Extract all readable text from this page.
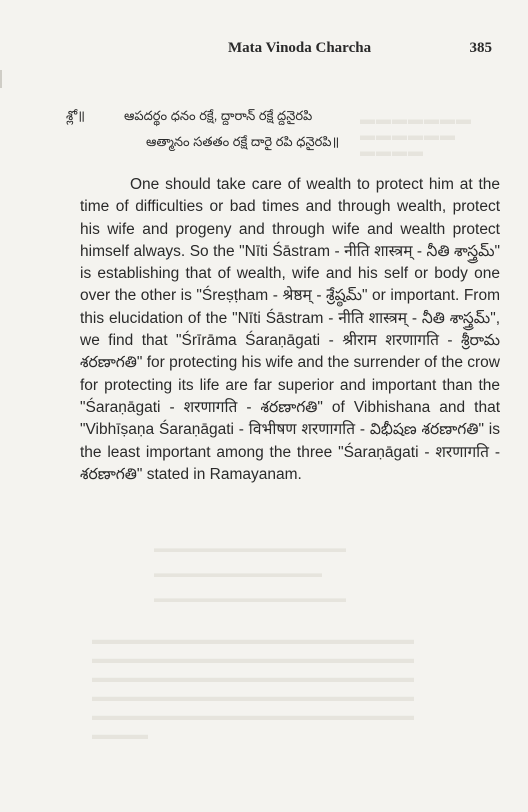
▬▬▬▬▬▬▬
▬▬▬▬▬▬
▬▬▬▬
▬▬▬▬▬▬▬▬▬▬▬▬▬▬▬▬
▬▬▬▬▬▬▬▬▬▬▬▬▬▬
▬▬▬▬▬▬▬▬▬▬▬▬▬▬▬▬
▬▬▬▬▬▬▬▬▬▬▬▬▬▬▬▬▬▬▬▬▬▬▬
▬▬▬▬▬▬▬▬▬▬▬▬▬▬▬▬▬▬▬▬▬▬▬
▬▬▬▬▬▬▬▬▬▬▬▬▬▬▬▬▬▬▬▬▬▬▬
▬▬▬▬▬▬▬▬▬▬▬▬▬▬▬▬▬▬▬▬▬▬▬
▬▬▬▬▬▬▬▬▬▬▬▬▬▬▬▬▬▬▬▬▬▬▬
▬▬▬▬
Mata Vinoda Charcha	385
శ్లో॥	ఆపదర్థం ధనం రక్షే, ద్దారాన్ రక్షే ద్దనైరపి
ఆత్మానం సతతం రక్షే దారై రపి ధనైరపి॥

One should take care of wealth to protect him at the time of difficulties or bad times and through wealth, protect his wife and progeny and through wife and wealth protect himself always. So the "Nīti Śāstram - नीति शास्त्रम् - నీతి శాస్త్రమ్" is establishing that of wealth, wife and his self or body one over the other is "Śreṣṭham - श्रेष्ठम् - శ్రేష్ఠమ్" or important. From this elucidation of the "Nīti Śāstram - नीति शास्त्रम् - నీతి శాస్త్రమ్", we find that "Śrīrāma Śaraṇāgati - श्रीराम शरणागति - శ్రీరామ శరణాగతి" for protecting his wife and the surrender of the crow for protecting its life are far superior and important than the "Śaraṇāgati - शरणागति - శరణాగతి" of Vibhishana and that "Vibhīṣaṇa Śaraṇāgati - विभीषण शरणागति - విభీషణ శరణాగతి" is the least important among the three "Śaraṇāgati - शरणागति - శరణాగతి" stated in Ramayanam.
